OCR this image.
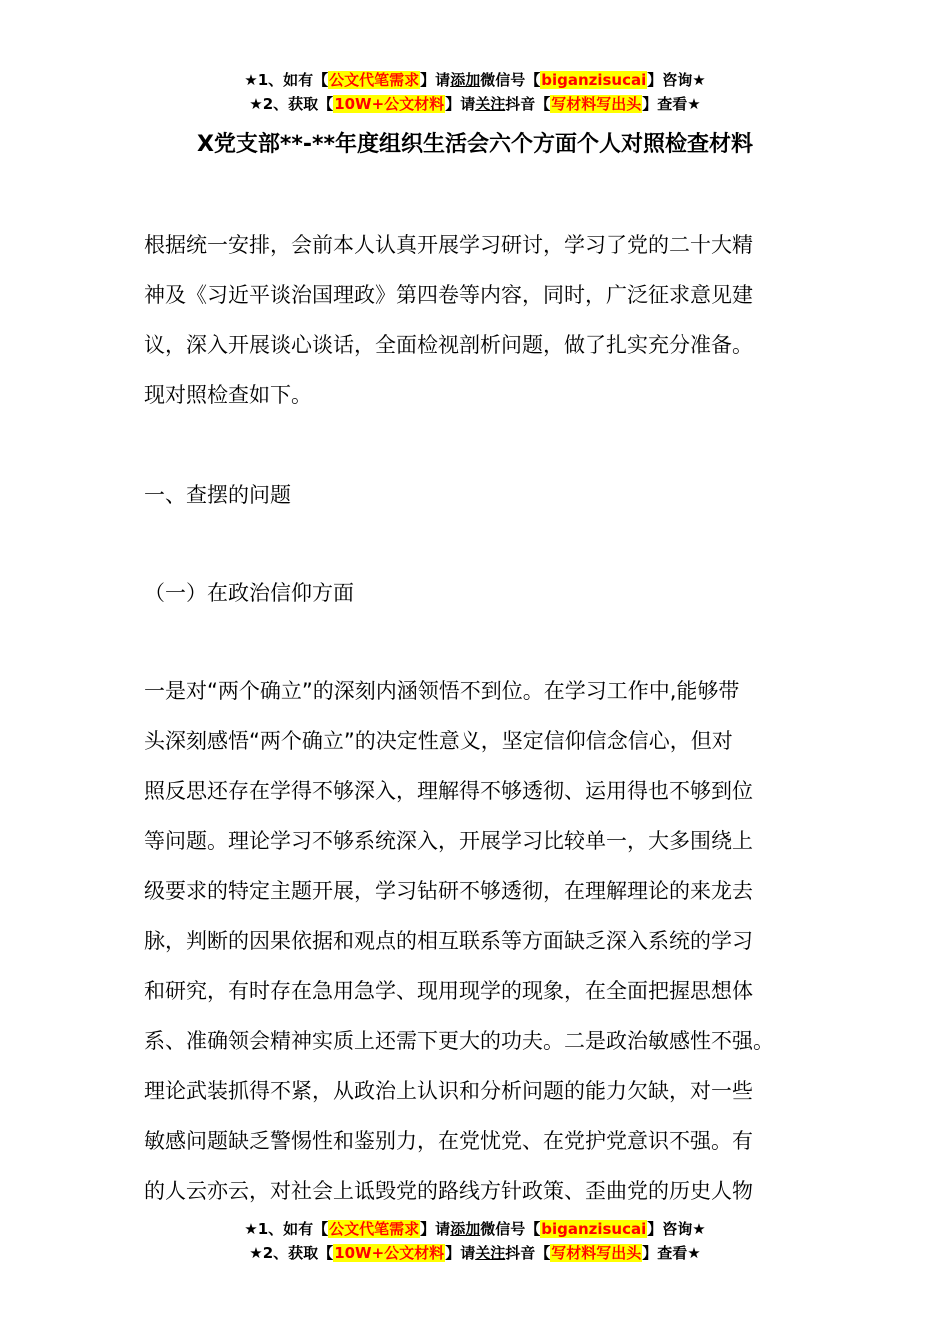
★1、如有【公文代笔需求】请添加微信号【biganzisucai】咨询★
★2、获取【10W+公文材料】请关注抖音【写材料写出头】查看★
X党支部**-**年度组织生活会六个方面个人对照检查材料
根据统一安排，会前本人认真开展学习研讨，学习了党的二十大精
神及《习近平谈治国理政》第四卷等内容，同时，广泛征求意见建
议，深入开展谈心谈话，全面检视剖析问题，做了扎实充分准备。
现对照检查如下。
一、查摆的问题
（一）在政治信仰方面
一是对“两个确立”的深刻内涵领悟不到位。在学习工作中,能够带
头深刻感悟“两个确立”的决定性意义，坚定信仰信念信心，但对
照反思还存在学得不够深入，理解得不够透彻、运用得也不够到位
等问题。理论学习不够系统深入，开展学习比较单一，大多围绕上
级要求的特定主题开展，学习钻研不够透彻，在理解理论的来龙去
脉，判断的因果依据和观点的相互联系等方面缺乏深入系统的学习
和研究，有时存在急用急学、现用现学的现象，在全面把握思想体
系、准确领会精神实质上还需下更大的功夫。二是政治敏感性不强。
理论武装抓得不紧，从政治上认识和分析问题的能力欠缺，对一些
敏感问题缺乏警惕性和鉴别力，在党忧党、在党护党意识不强。有
的人云亦云，对社会上诋毁党的路线方针政策、歪曲党的历史人物
★1、如有【公文代笔需求】请添加微信号【biganzisucai】咨询★
★2、获取【10W+公文材料】请关注抖音【写材料写出头】查看★
